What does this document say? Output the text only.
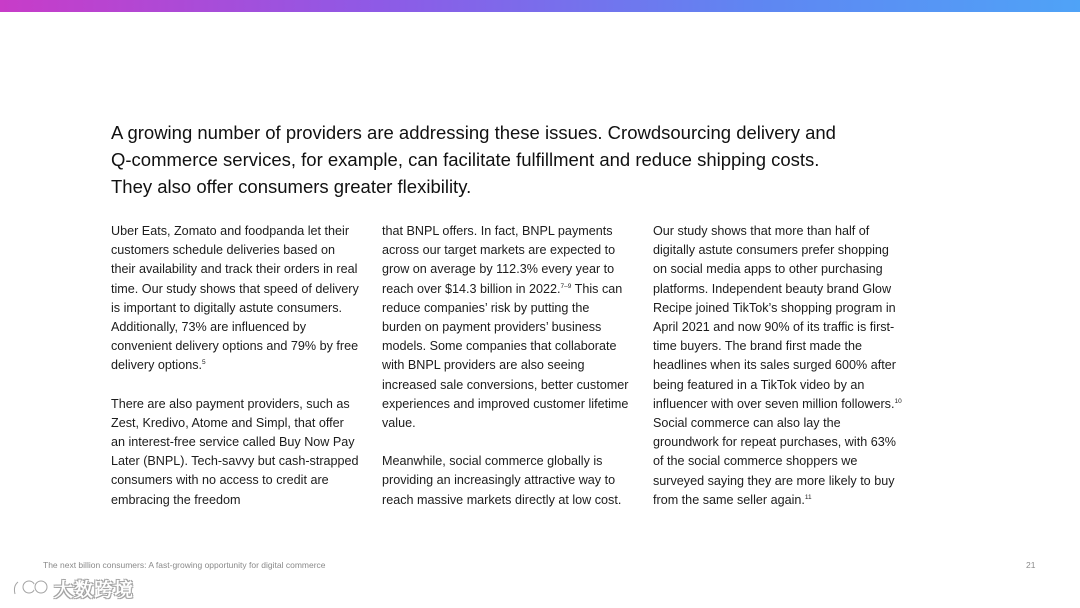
A growing number of providers are addressing these issues. Crowdsourcing delivery and
Q-commerce services, for example, can facilitate fulfillment and reduce shipping costs.
They also offer consumers greater flexibility.

Uber Eats, Zomato and foodpanda let their customers schedule deliveries based on their availability and track their orders in real time. Our study shows that speed of delivery is important to digitally astute consumers. Additionally, 73% are influenced by convenient delivery options and 79% by free delivery options.$^5$

There are also payment providers, such as Zest, Kredivo, Atome and Simpl, that offer an interest-free service called Buy Now Pay Later (BNPL). Tech-savvy but cash-strapped consumers with no access to credit are embracing the freedom

that BNPL offers. In fact, BNPL payments across our target markets are expected to grow on average by 112.3% every year to reach over $14.3 billion in 2022.$^{7-9}$ This can reduce companies’ risk by putting the burden on payment providers’ business models. Some companies that collaborate with BNPL providers are also seeing increased sale conversions, better customer experiences and improved customer lifetime value.

Meanwhile, social commerce globally is providing an increasingly attractive way to reach massive markets directly at low cost.

Our study shows that more than half of digitally astute consumers prefer shopping on social media apps to other purchasing platforms. Independent beauty brand Glow Recipe joined TikTok’s shopping program in April 2021 and now 90% of its traffic is first-time buyers. The brand first made the headlines when its sales surged 600% after being featured in a TikTok video by an influencer with over seven million followers.$^{10}$ Social commerce can also lay the groundwork for repeat purchases, with 63% of the social commerce shoppers we surveyed saying they are more likely to buy from the same seller again.$^{11}$

The next billion consumers: A fast-growing opportunity for digital commerce	21
大数跨境
